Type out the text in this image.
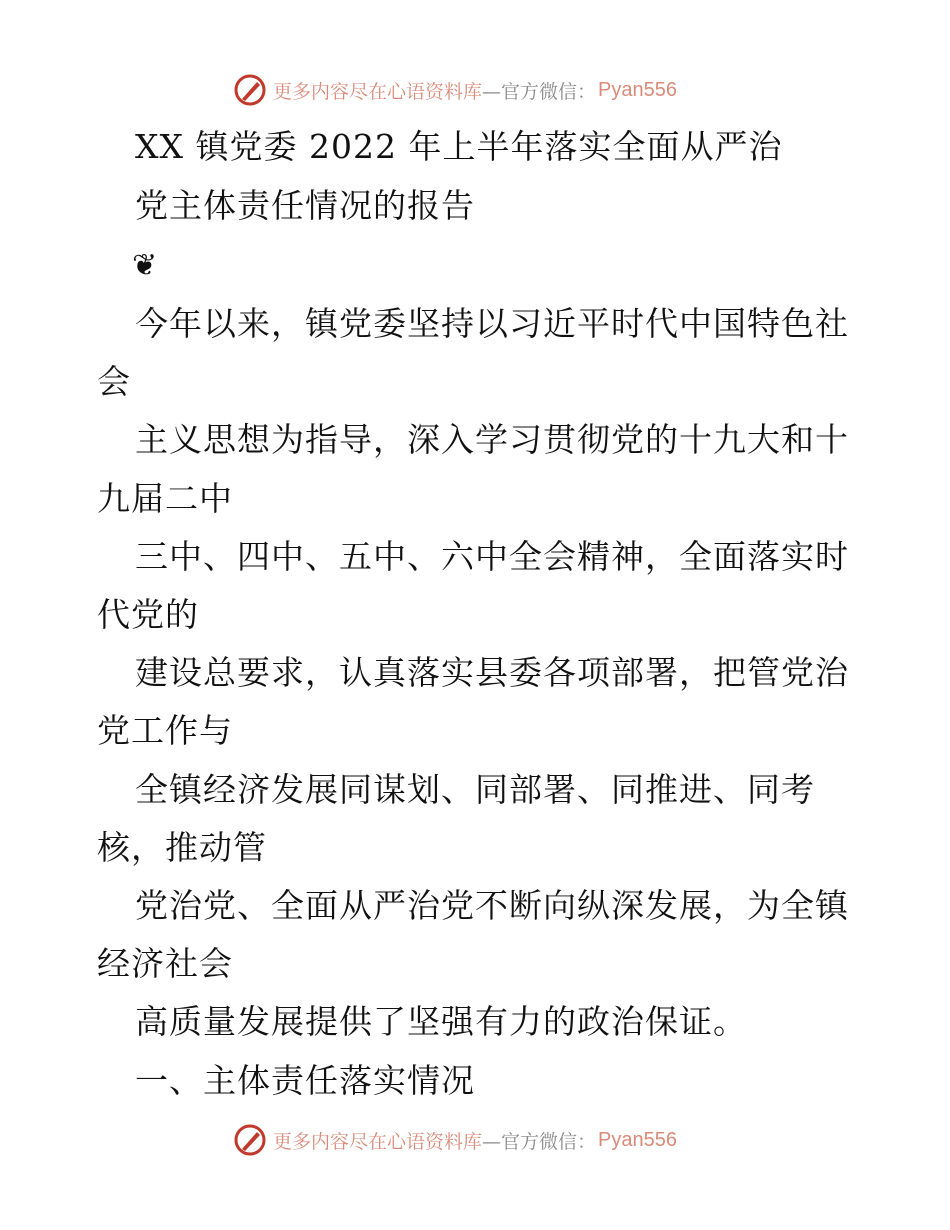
更多内容尽在心语资料库 —官方微信： Pyan556
XX 镇党委 2022 年上半年落实全面从严治
党主体责任情况的报告
❦
今年以来，镇党委坚持以习近平时代中国特色社
会
主义思想为指导，深入学习贯彻党的十九大和十
九届二中
三中、四中、五中、六中全会精神，全面落实时
代党的
建设总要求，认真落实县委各项部署，把管党治
党工作与
全镇经济发展同谋划、同部署、同推进、同考
核，推动管
党治党、全面从严治党不断向纵深发展，为全镇
经济社会
高质量发展提供了坚强有力的政治保证。
一、主体责任落实情况
更多内容尽在心语资料库 —官方微信： Pyan556
